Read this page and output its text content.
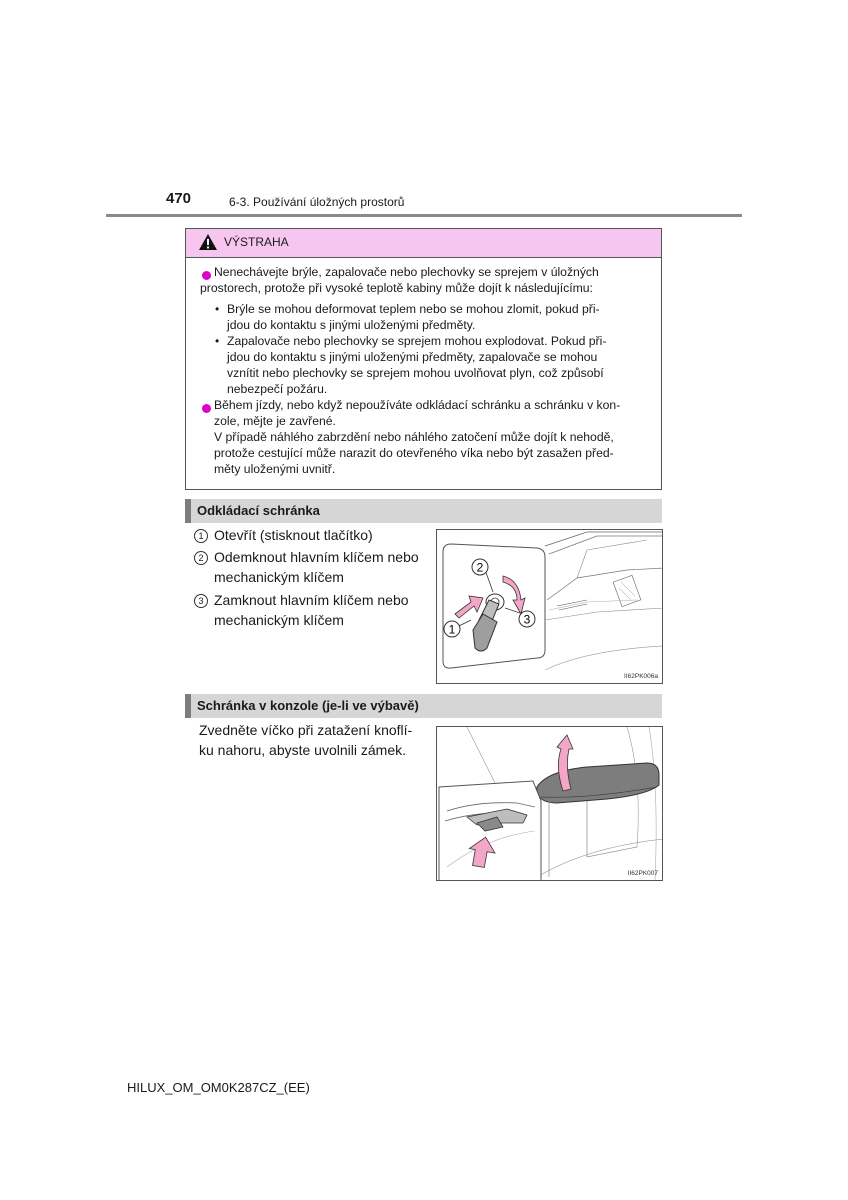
470	6-3. Používání úložných prostorů
VÝSTRAHA
Nenechávejte brýle, zapalovače nebo plechovky se sprejem v úložných
prostorech, protože při vysoké teplotě kabiny může dojít k následujícímu:
• Brýle se mohou deformovat teplem nebo se mohou zlomit, pokud při-
jdou do kontaktu s jinými uloženými předměty.
• Zapalovače nebo plechovky se sprejem mohou explodovat. Pokud při-
jdou do kontaktu s jinými uloženými předměty, zapalovače se mohou
vznítit nebo plechovky se sprejem mohou uvolňovat plyn, což způsobí
nebezpečí požáru.
Během jízdy, nebo když nepoužíváte odkládací schránku a schránku v kon-
zole, mějte je zavřené.
V případě náhlého zabrzdění nebo náhlého zatočení může dojít k nehodě,
protože cestující může narazit do otevřeného víka nebo být zasažen před-
měty uloženými uvnitř.
Odkládací schránka
1 Otevřít (stisknout tlačítko)
2 Odemknout hlavním klíčem nebo
mechanickým klíčem
3 Zamknout hlavním klíčem nebo
mechanickým klíčem
2
3
1
II62PK006a
Schránka v konzole (je-li ve výbavě)
Zvedněte víčko při zatažení knoflí-
ku nahoru, abyste uvolnili zámek.
II62PK007
HILUX_OM_OM0K287CZ_(EE)
